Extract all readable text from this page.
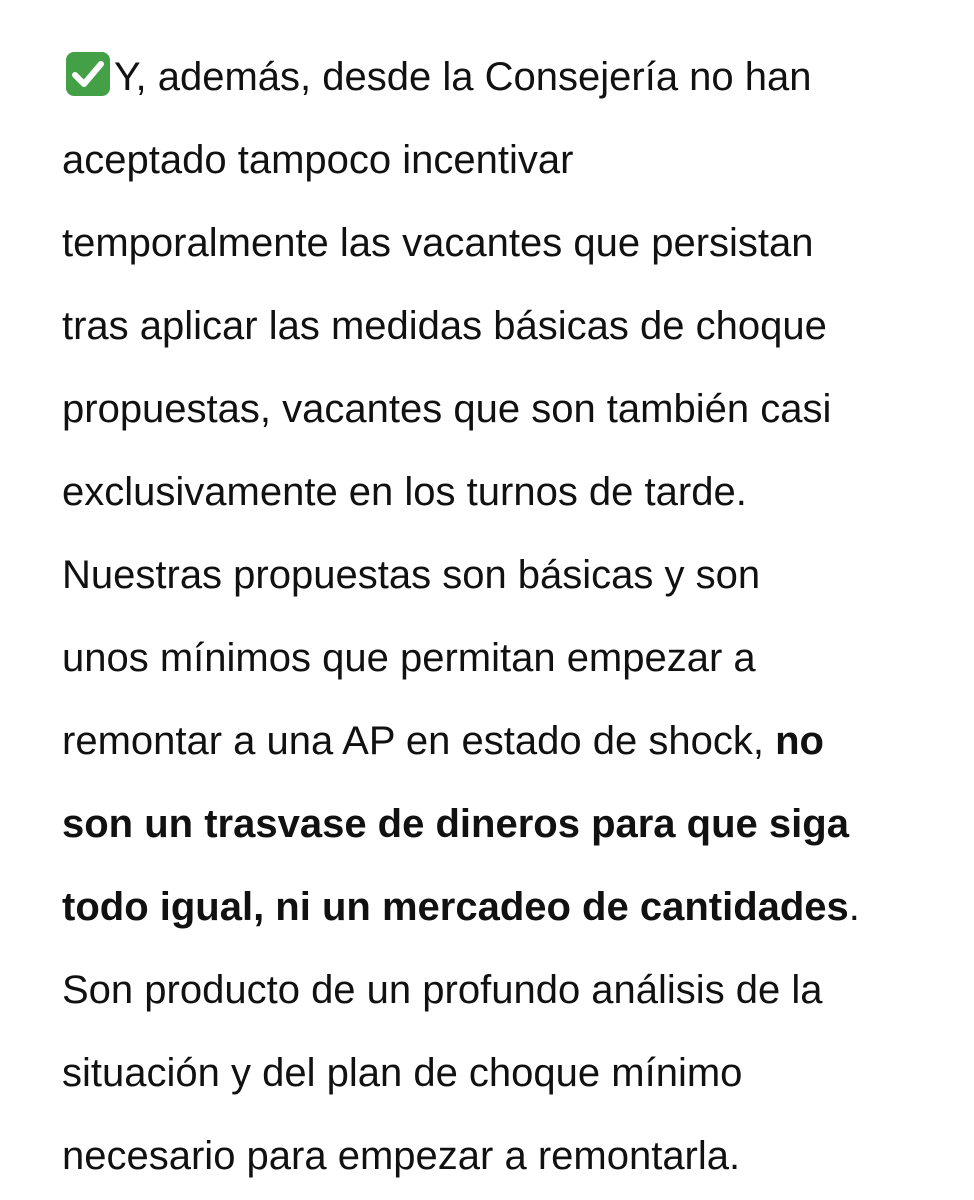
Y, además, desde la Consejería no han
aceptado tampoco incentivar
temporalmente las vacantes que persistan
tras aplicar las medidas básicas de choque
propuestas, vacantes que son también casi
exclusivamente en los turnos de tarde.
Nuestras propuestas son básicas y son
unos mínimos que permitan empezar a
remontar a una AP en estado de shock, no
son un trasvase de dineros para que siga
todo igual, ni un mercadeo de cantidades.
Son producto de un profundo análisis de la
situación y del plan de choque mínimo
necesario para empezar a remontarla.
